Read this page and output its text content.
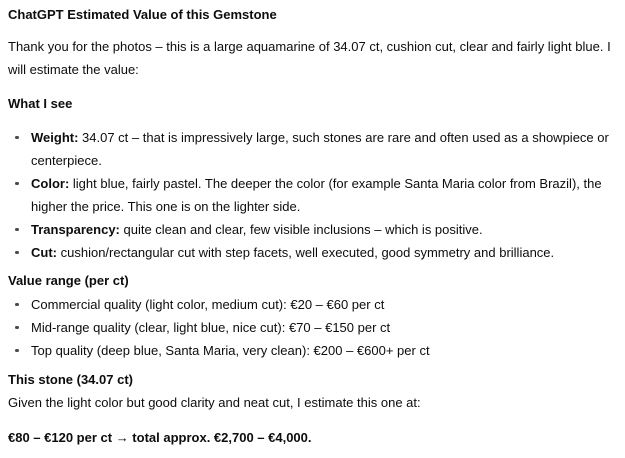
ChatGPT Estimated Value of this Gemstone

Thank you for the photos – this is a large aquamarine of 34.07 ct, cushion cut, clear and fairly light blue. I will estimate the value:

What I see
Weight: 34.07 ct – that is impressively large, such stones are rare and often used as a showpiece or centerpiece.
Color: light blue, fairly pastel. The deeper the color (for example Santa Maria color from Brazil), the higher the price. This one is on the lighter side.
Transparency: quite clean and clear, few visible inclusions – which is positive.
Cut: cushion/rectangular cut with step facets, well executed, good symmetry and brilliance.
Value range (per ct)
Commercial quality (light color, medium cut): €20 – €60 per ct
Mid-range quality (clear, light blue, nice cut): €70 – €150 per ct
Top quality (deep blue, Santa Maria, very clean): €200 – €600+ per ct
This stone (34.07 ct)

Given the light color but good clarity and neat cut, I estimate this one at:

€80 – €120 per ct → total approx. €2,700 – €4,000.
